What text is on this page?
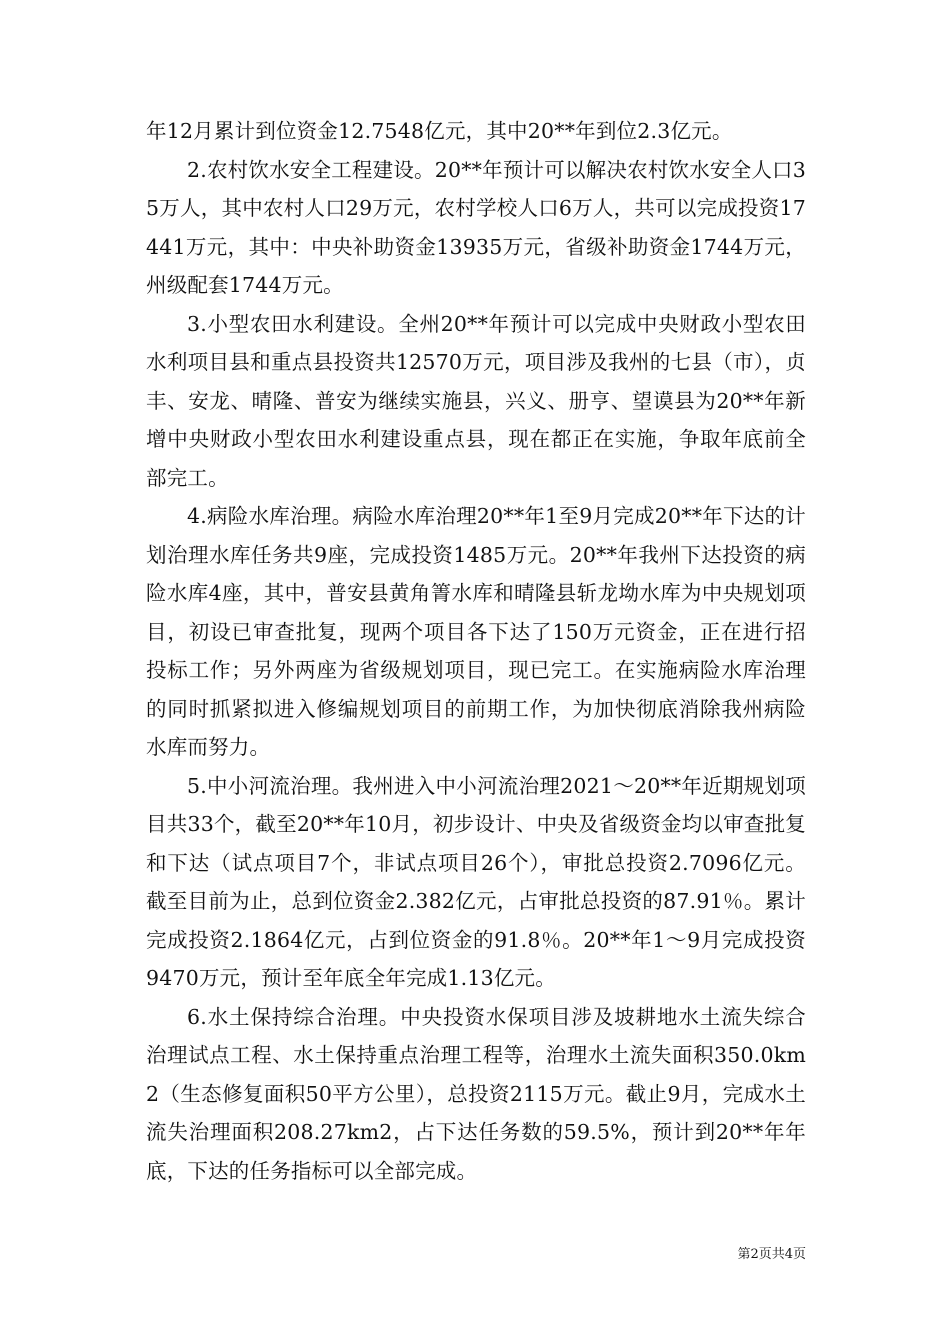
年12月累计到位资金12.7548亿元，其中20**年到位2.3亿元。

2.农村饮水安全工程建设。20**年预计可以解决农村饮水安全人口35万人，其中农村人口29万元，农村学校人口6万人，共可以完成投资17441万元，其中：中央补助资金13935万元，省级补助资金1744万元，州级配套1744万元。

3.小型农田水利建设。全州20**年预计可以完成中央财政小型农田水利项目县和重点县投资共12570万元，项目涉及我州的七县（市），贞丰、安龙、晴隆、普安为继续实施县，兴义、册亨、望谟县为20**年新增中央财政小型农田水利建设重点县，现在都正在实施，争取年底前全部完工。

4.病险水库治理。病险水库治理20**年1至9月完成20**年下达的计划治理水库任务共9座，完成投资1485万元。20**年我州下达投资的病险水库4座，其中，普安县黄角箐水库和晴隆县斩龙坳水库为中央规划项目，初设已审查批复，现两个项目各下达了150万元资金，正在进行招投标工作；另外两座为省级规划项目，现已完工。在实施病险水库治理的同时抓紧拟进入修编规划项目的前期工作，为加快彻底消除我州病险水库而努力。

5.中小河流治理。我州进入中小河流治理2021～20**年近期规划项目共33个，截至20**年10月，初步设计、中央及省级资金均以审查批复和下达（试点项目7个，非试点项目26个），审批总投资2.7096亿元。截至目前为止，总到位资金2.382亿元，占审批总投资的87.91％。累计完成投资2.1864亿元，占到位资金的91.8％。20**年1～9月完成投资9470万元，预计至年底全年完成1.13亿元。

6.水土保持综合治理。中央投资水保项目涉及坡耕地水土流失综合治理试点工程、水土保持重点治理工程等，治理水土流失面积350.0km2（生态修复面积50平方公里），总投资2115万元。截止9月，完成水土流失治理面积208.27km2，占下达任务数的59.5%，预计到20**年年底，下达的任务指标可以全部完成。

第2页共4页
